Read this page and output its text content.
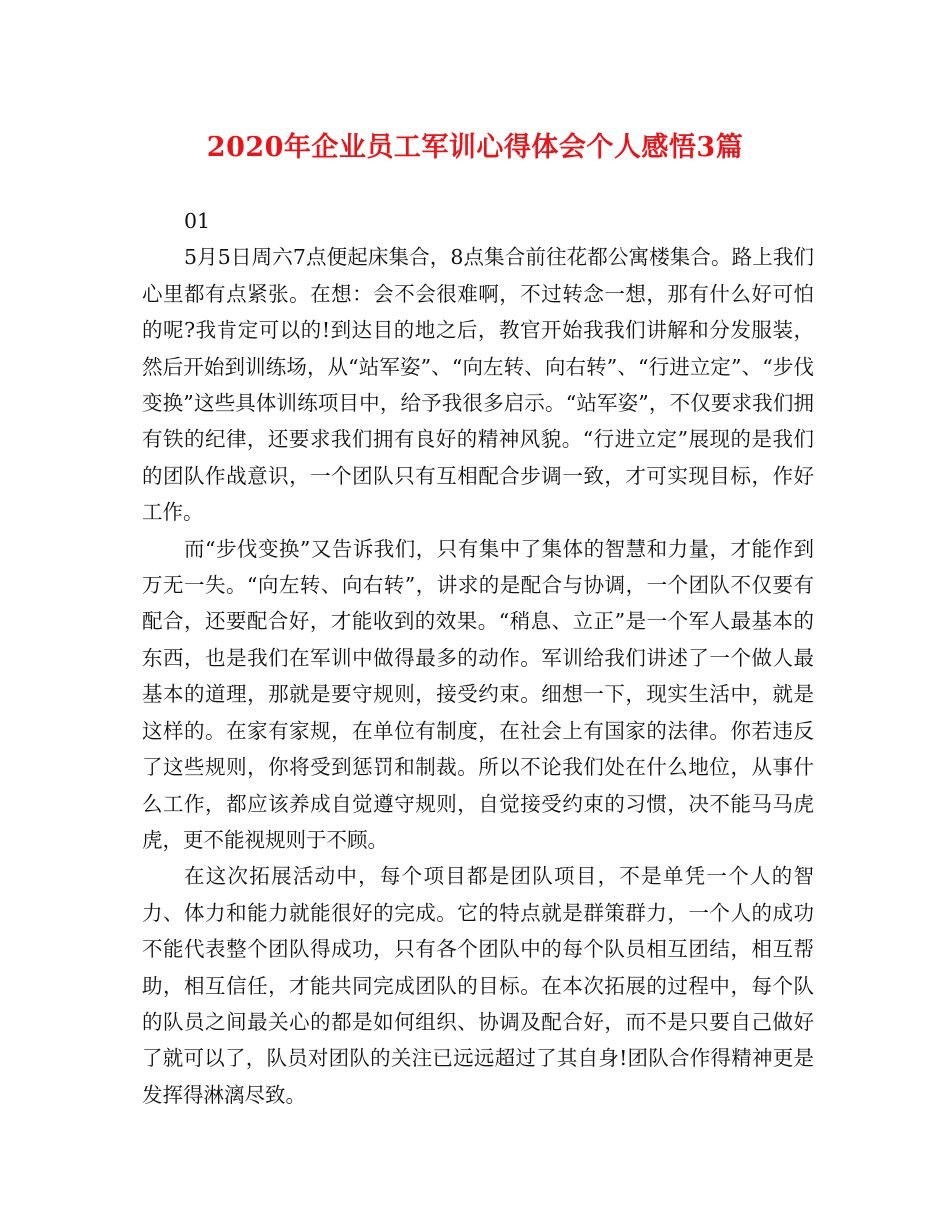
2020年企业员工军训心得体会个人感悟3篇

01

5月5日周六7点便起床集合，8点集合前往花都公寓楼集合。路上我们心里都有点紧张。在想：会不会很难啊，不过转念一想，那有什么好可怕的呢?我肯定可以的!到达目的地之后，教官开始我我们讲解和分发服装，然后开始到训练场，从“站军姿”、“向左转、向右转”、“行进立定”、“步伐变换”这些具体训练项目中，给予我很多启示。“站军姿”，不仅要求我们拥有铁的纪律，还要求我们拥有良好的精神风貌。“行进立定”展现的是我们的团队作战意识，一个团队只有互相配合步调一致，才可实现目标，作好工作。

而“步伐变换”又告诉我们，只有集中了集体的智慧和力量，才能作到万无一失。“向左转、向右转”，讲求的是配合与协调，一个团队不仅要有配合，还要配合好，才能收到的效果。“稍息、立正”是一个军人最基本的东西，也是我们在军训中做得最多的动作。军训给我们讲述了一个做人最基本的道理，那就是要守规则，接受约束。细想一下，现实生活中，就是这样的。在家有家规，在单位有制度，在社会上有国家的法律。你若违反了这些规则，你将受到惩罚和制裁。所以不论我们处在什么地位，从事什么工作，都应该养成自觉遵守规则，自觉接受约束的习惯，决不能马马虎虎，更不能视规则于不顾。

在这次拓展活动中，每个项目都是团队项目，不是单凭一个人的智力、体力和能力就能很好的完成。它的特点就是群策群力，一个人的成功不能代表整个团队得成功，只有各个团队中的每个队员相互团结，相互帮助，相互信任，才能共同完成团队的目标。在本次拓展的过程中，每个队的队员之间最关心的都是如何组织、协调及配合好，而不是只要自己做好了就可以了，队员对团队的关注已远远超过了其自身!团队合作得精神更是发挥得淋漓尽致。
